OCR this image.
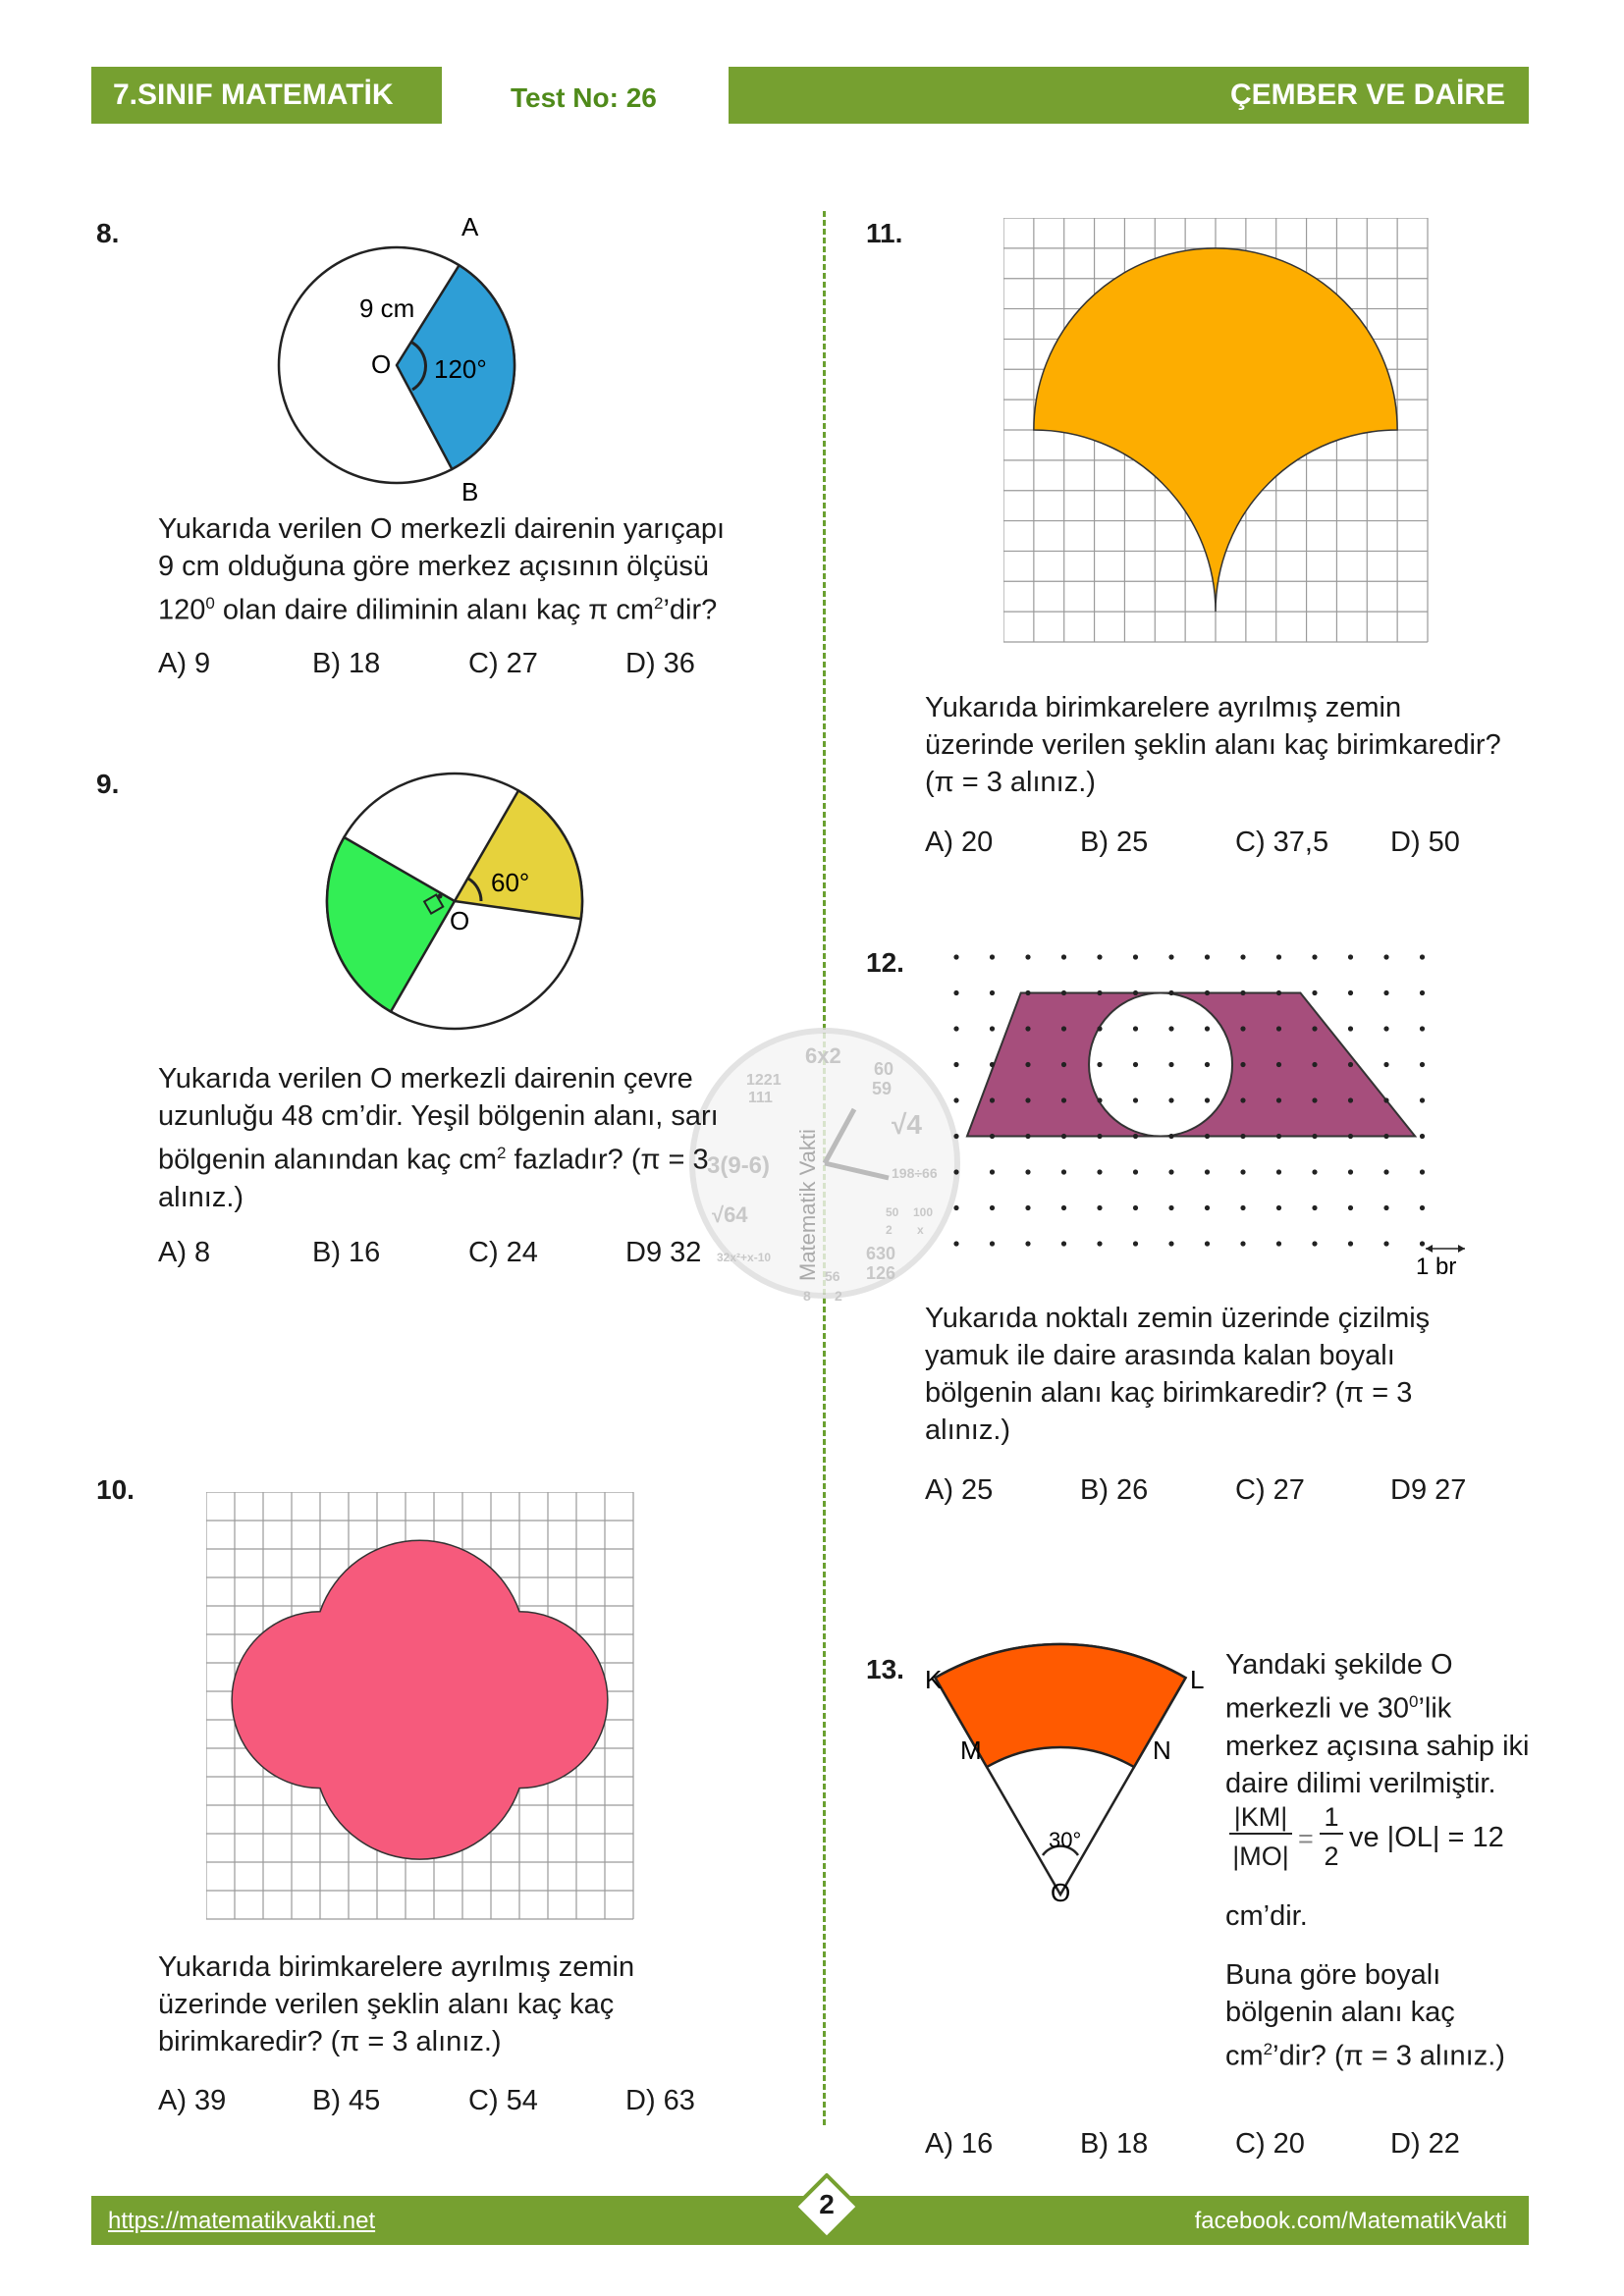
7.SINIF MATEMATİK	Test No: 26	ÇEMBER VE DAİRE
6x2
1221
111
60
59
√4
3(9-6)	198÷66
√64	50 100
2 x
630
126
32x²+x-10
56
8 2
Matematik Vakti
8.	A
B
O
9 cm
120°
Yukarıda verilen O merkezli dairenin yarıçapı
9 cm olduğuna göre merkez açısının ölçüsü
$120^0$ olan daire diliminin alanı kaç π $cm^2’dir$?
A) 9	B) 18	C) 27	D) 36
9.
O
60°
Yukarıda verilen O merkezli dairenin çevre
uzunluğu 48 cm’dir. Yeşil bölgenin alanı, sarı
bölgenin alanından kaç $cm^2$ fazladır? (π = 3
alınız.)
A) 8	B) 16	C) 24	D9 32
10.
Yukarıda birimkarelere ayrılmış zemin
üzerinde verilen şeklin alanı kaç kaç
birimkaredir? (π = 3 alınız.)
A) 39	B) 45	C) 54	D) 63
11.
Yukarıda birimkarelere ayrılmış zemin
üzerinde verilen şeklin alanı kaç birimkaredir?
(π = 3 alınız.)
A) 20	B) 25	C) 37,5 D) 50
12.
1 br
Yukarıda noktalı zemin üzerinde çizilmiş
yamuk ile daire arasında kalan boyalı
bölgenin alanı kaç birimkaredir? (π = 3
alınız.)
A) 25	B) 26	C) 27	D9 27
13. K	L
M	N
O
30°
Yandaki şekilde O
merkezli ve $30^0’lik$
merkez açısına sahip iki
daire dilimi verilmiştir.
|KM|
|MO|
=
1
2
ve |OL| = 12
cm’dir.
Buna göre boyalı
bölgenin alanı kaç
$cm^2’dir$? (π = 3 alınız.)
A) 16	B) 18	C) 20	D) 22
https://matematikvakti.net	facebook.com/MatematikVakti
2
